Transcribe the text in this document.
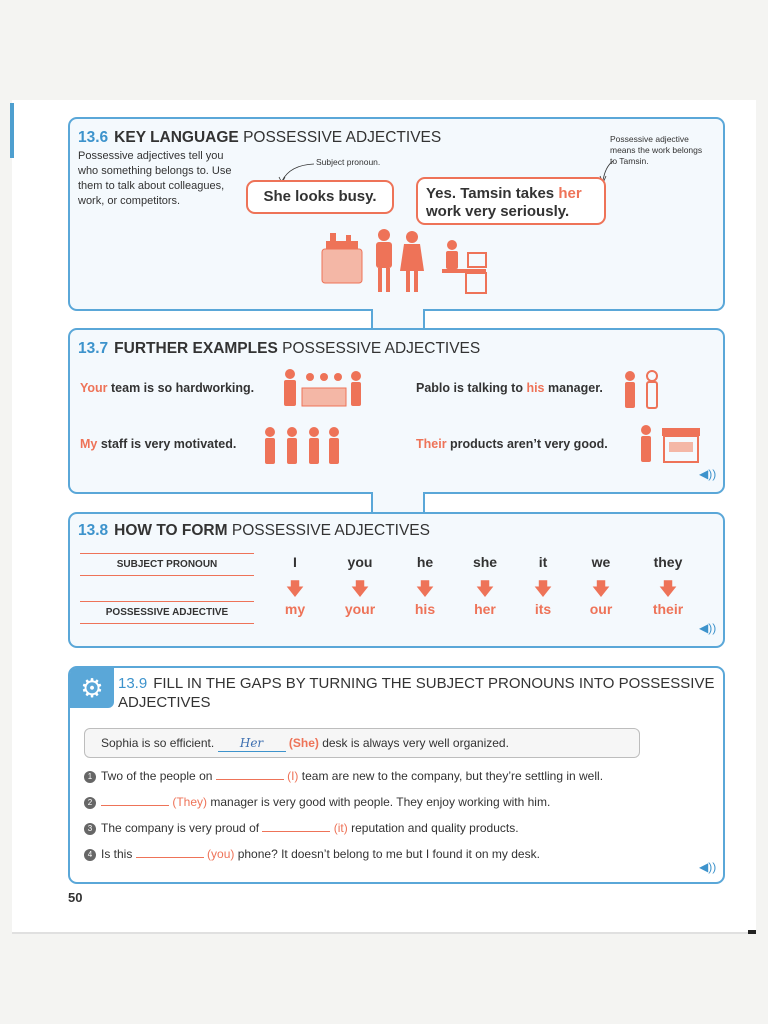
13.6 KEY LANGUAGE POSSESSIVE ADJECTIVES
Possessive adjectives tell you who something belongs to. Use them to talk about colleagues, work, or competitors.
Subject pronoun.
Possessive adjective means the work belongs to Tamsin.
She looks busy.	Yes. Tamsin takes her work very seriously.
13.7 FURTHER EXAMPLES POSSESSIVE ADJECTIVES
Your team is so hardworking.	Pablo is talking to his manager.
My staff is very motivated.	Their products aren’t very good.
◀))
13.8 HOW TO FORM POSSESSIVE ADJECTIVES
SUBJECT PRONOUN
POSSESSIVE ADJECTIVE
I	you	he	she	it	we	they
🡇	🡇	🡇	🡇	🡇	🡇	🡇
my	your	his	her	its	our	their
◀))
⚙ 13.9 FILL IN THE GAPS BY TURNING THE SUBJECT PRONOUNS INTO POSSESSIVE ADJECTIVES
Sophia is so efficient. Her (She) desk is always very well organized.
1 Two of the people on	(I) team are new to the company, but they’re settling in well.
2	(They) manager is very good with people. They enjoy working with him.
3 The company is very proud of	(it) reputation and quality products.
4 Is this	(you) phone? It doesn’t belong to me but I found it on my desk.
◀))
50
